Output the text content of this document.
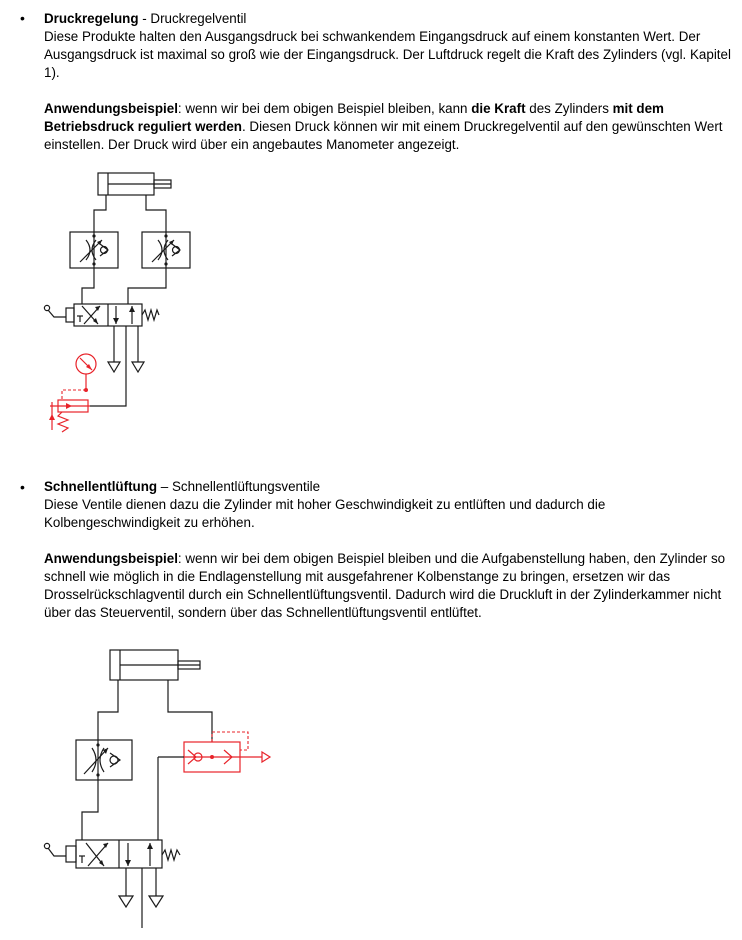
• Druckregelung - Druckregelventil

Diese Produkte halten den Ausgangsdruck bei schwankendem Eingangsdruck auf einem konstanten Wert. Der Ausgangsdruck ist maximal so groß wie der Eingangsdruck. Der Luftdruck regelt die Kraft des Zylinders (vgl. Kapitel 1).

Anwendungsbeispiel: wenn wir bei dem obigen Beispiel bleiben, kann die Kraft des Zylinders mit dem Betriebsdruck reguliert werden. Diesen Druck können wir mit einem Druckregelventil auf den gewünschten Wert einstellen. Der Druck wird über ein angebautes Manometer angezeigt.

• Schnellentlüftung – Schnellentlüftungsventile

Diese Ventile dienen dazu die Zylinder mit hoher Geschwindigkeit zu entlüften und dadurch die Kolbengeschwindigkeit zu erhöhen.

Anwendungsbeispiel: wenn wir bei dem obigen Beispiel bleiben und die Aufgabenstellung haben, den Zylinder so schnell wie möglich in die Endlagenstellung mit ausgefahrener Kolbenstange zu bringen, ersetzen wir das Drosselrückschlagventil durch ein Schnellentlüftungsventil. Dadurch wird die Druckluft in der Zylinderkammer nicht über das Steuerventil, sondern über das Schnellentlüftungsventil entlüftet.
